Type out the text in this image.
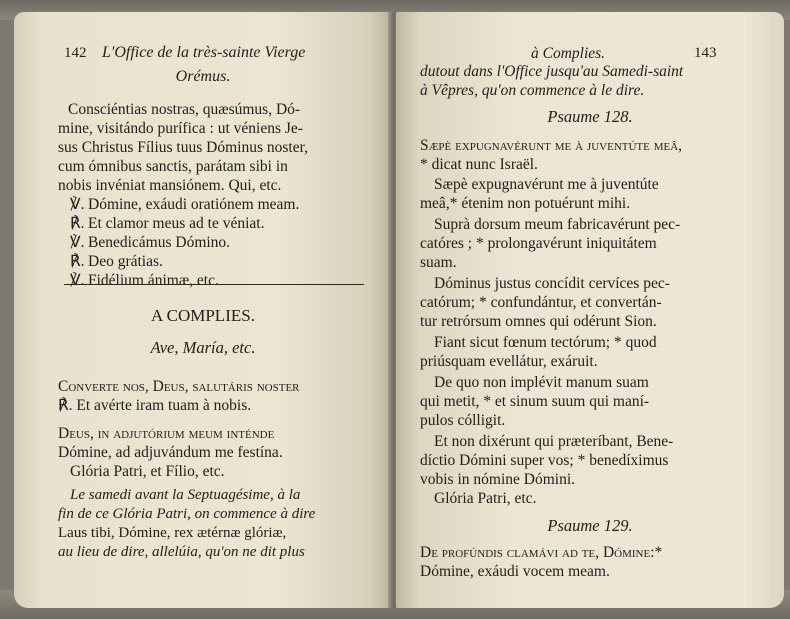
142 L'Office de la très-sainte Vierge
Orémus.
Consciéntias nostras, quæsúmus, Dó-
mine, visitándo purífica : ut véniens Je-
sus Christus Fílius tuus Dóminus noster,
cum ómnibus sanctis, parátam sibi in
nobis invéniat mansiónem. Qui, etc.
℣. Dómine, exáudi oratiónem meam.
℟. Et clamor meus ad te véniat.
℣. Benedicámus Dómino.
℟. Deo grátias.
℣. Fidélium ánimæ, etc.
A COMPLIES.
Ave, María, etc.
Converte nos, Deus, salutáris noster
℟. Et avérte iram tuam à nobis.
Deus, in adjutórium meum inténde
Dómine, ad adjuvándum me festína.
Glória Patri, et Fílio, etc.
Le samedi avant la Septuagésime, à la
fin de ce Glória Patri, on commence à dire
Laus tibi, Dómine, rex ætérnæ glóriæ,
au lieu de dire, allelúia, qu'on ne dit plus
à Complies.	143
dutout dans l'Office jusqu'au Samedi-saint
à Vêpres, qu'on commence à le dire.
Psaume 128.
Sæpè expugnavérunt me à juventúte meâ,
* dicat nunc Israël.
Sæpè expugnavérunt me à juventúte
meâ,* étenim non potuérunt mihi.
Suprà dorsum meum fabricavérunt pec-
catóres ; * prolongavérunt iniquitátem
suam.
Dóminus justus concídit cervíces pec-
catórum; * confundántur, et convertán-
tur retrórsum omnes qui odérunt Sion.
Fiant sicut fœnum tectórum; * quod
priúsquam evellátur, exáruit.
De quo non implévit manum suam
qui metit, * et sinum suum qui maní-
pulos cólligit.
Et non dixérunt qui præteríbant, Bene-
díctio Dómini super vos; * benedíximus
vobis in nómine Dómini.
Glória Patri, etc.
Psaume 129.
De profúndis clamávi ad te, Dómine:*
Dómine, exáudi vocem meam.
